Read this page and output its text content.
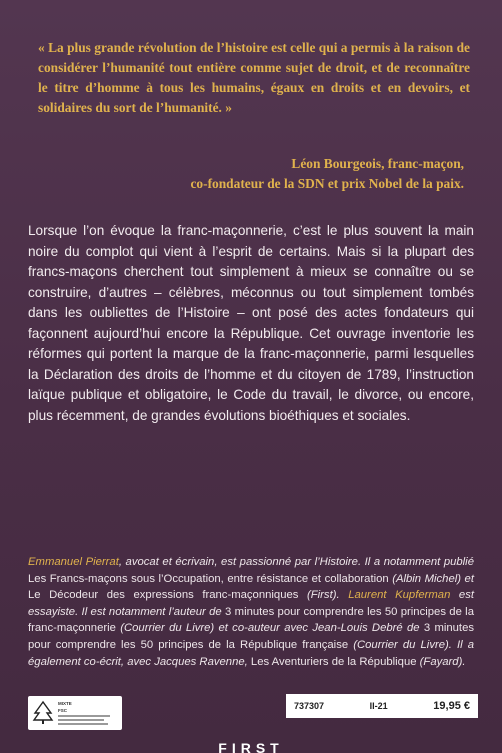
« La plus grande révolution de l’histoire est celle qui a permis à la raison de considérer l’humanité tout entière comme sujet de droit, et de reconnaître le titre d’homme à tous les humains, égaux en droits et en devoirs, et solidaires du sort de l’humanité. »

Léon Bourgeois, franc-maçon,
co-fondateur de la SDN et prix Nobel de la paix.

Lorsque l’on évoque la franc-maçonnerie, c’est le plus souvent la main noire du complot qui vient à l’esprit de certains. Mais si la plupart des francs-maçons cherchent tout simplement à mieux se connaître ou se construire, d’autres – célèbres, méconnus ou tout simplement tombés dans les oubliettes de l’Histoire – ont posé des actes fondateurs qui façonnent aujourd’hui encore la République. Cet ouvrage inventorie les réformes qui portent la marque de la franc-maçonnerie, parmi lesquelles la Déclaration des droits de l’homme et du citoyen de 1789, l’instruction laïque publique et obligatoire, le Code du travail, le divorce, ou encore, plus récemment, de grandes évolutions bioéthiques et sociales.

Emmanuel Pierrat, avocat et écrivain, est passionné par l’Histoire. Il a notamment publié Les Francs-maçons sous l’Occupation, entre résistance et collaboration (Albin Michel) et Le Décodeur des expressions franc-maçonniques (First). Laurent Kupferman est essayiste. Il est notamment l’auteur de 3 minutes pour comprendre les 50 principes de la franc-maçonnerie (Courrier du Livre) et co-auteur avec Jean-Louis Debré de 3 minutes pour comprendre les 50 principes de la République française (Courrier du Livre). Il a également co-écrit, avec Jacques Ravenne, Les Aventuriers de la République (Fayard).

MIXTE
FSC	737307	II-21	19,95 €
FIRST
